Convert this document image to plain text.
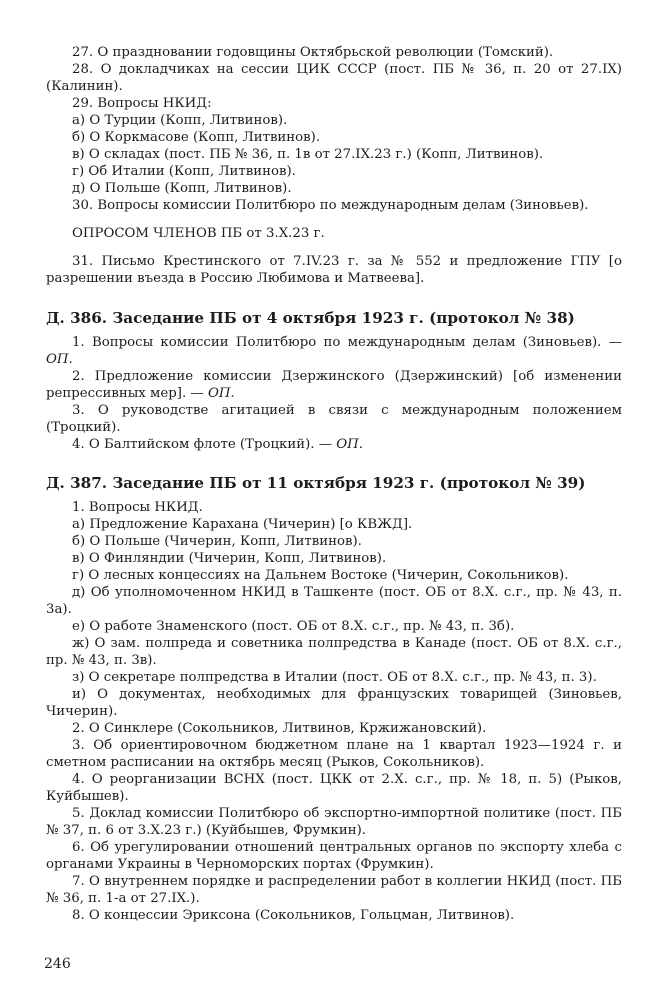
27. О праздновании годовщины Октябрьской революции (Томский).

28. О докладчиках на сессии ЦИК СССР (пост. ПБ № 36, п. 20 от 27.IX) (Калинин).

29. Вопросы НКИД:

а) О Турции (Копп, Литвинов).

б) О Коркмасове (Копп, Литвинов).

в) О складах (пост. ПБ № 36, п. 1в от 27.IX.23 г.) (Копп, Литвинов).

г) Об Италии (Копп, Литвинов).

д) О Польше (Копп, Литвинов).

30. Вопросы комиссии Политбюро по международным делам (Зиновьев).

ОПРОСОМ ЧЛЕНОВ ПБ от 3.X.23 г.

31. Письмо Крестинского от 7.IV.23 г. за № 552 и предложение ГПУ [о разрешении въезда в Россию Любимова и Матвеева].

Д. 386. Заседание ПБ от 4 октября 1923 г. (протокол № 38)

1. Вопросы комиссии Политбюро по международным делам (Зиновьев). — ОП.

2. Предложение комиссии Дзержинского (Дзержинский) [об изменении репрессивных мер]. — ОП.

3. О руководстве агитацией в связи с международным положением (Троцкий).

4. О Балтийском флоте (Троцкий). — ОП.

Д. 387. Заседание ПБ от 11 октября 1923 г. (протокол № 39)

1. Вопросы НКИД.

а) Предложение Карахана (Чичерин) [о КВЖД].

б) О Польше (Чичерин, Копп, Литвинов).

в) О Финляндии (Чичерин, Копп, Литвинов).

г) О лесных концессиях на Дальнем Востоке (Чичерин, Сокольников).

д) Об уполномоченном НКИД в Ташкенте (пост. ОБ от 8.X. с.г., пр. № 43, п. 3а).

е) О работе Знаменского (пост. ОБ от 8.X. с.г., пр. № 43, п. 3б).

ж) О зам. полпреда и советника полпредства в Канаде (пост. ОБ от 8.X. с.г., пр. № 43, п. 3в).

з) О секретаре полпредства в Италии (пост. ОБ от 8.X. с.г., пр. № 43, п. 3).

и) О документах, необходимых для французских товарищей (Зиновьев, Чичерин).

2. О Синклере (Сокольников, Литвинов, Кржижановский).

3. Об ориентировочном бюджетном плане на 1 квартал 1923—1924 г. и сметном расписании на октябрь месяц (Рыков, Сокольников).

4. О реорганизации ВСНХ (пост. ЦКК от 2.X. с.г., пр. № 18, п. 5) (Рыков, Куйбышев).

5. Доклад комиссии Политбюро об экспортно-импортной политике (пост. ПБ № 37, п. 6 от 3.X.23 г.) (Куйбышев, Фрумкин).

6. Об урегулировании отношений центральных органов по экспорту хлеба с органами Украины в Черноморских портах (Фрумкин).

7. О внутреннем порядке и распределении работ в коллегии НКИД (пост. ПБ № 36, п. 1-а от 27.IX.).

8. О концессии Эриксона (Сокольников, Гольцман, Литвинов).

246
